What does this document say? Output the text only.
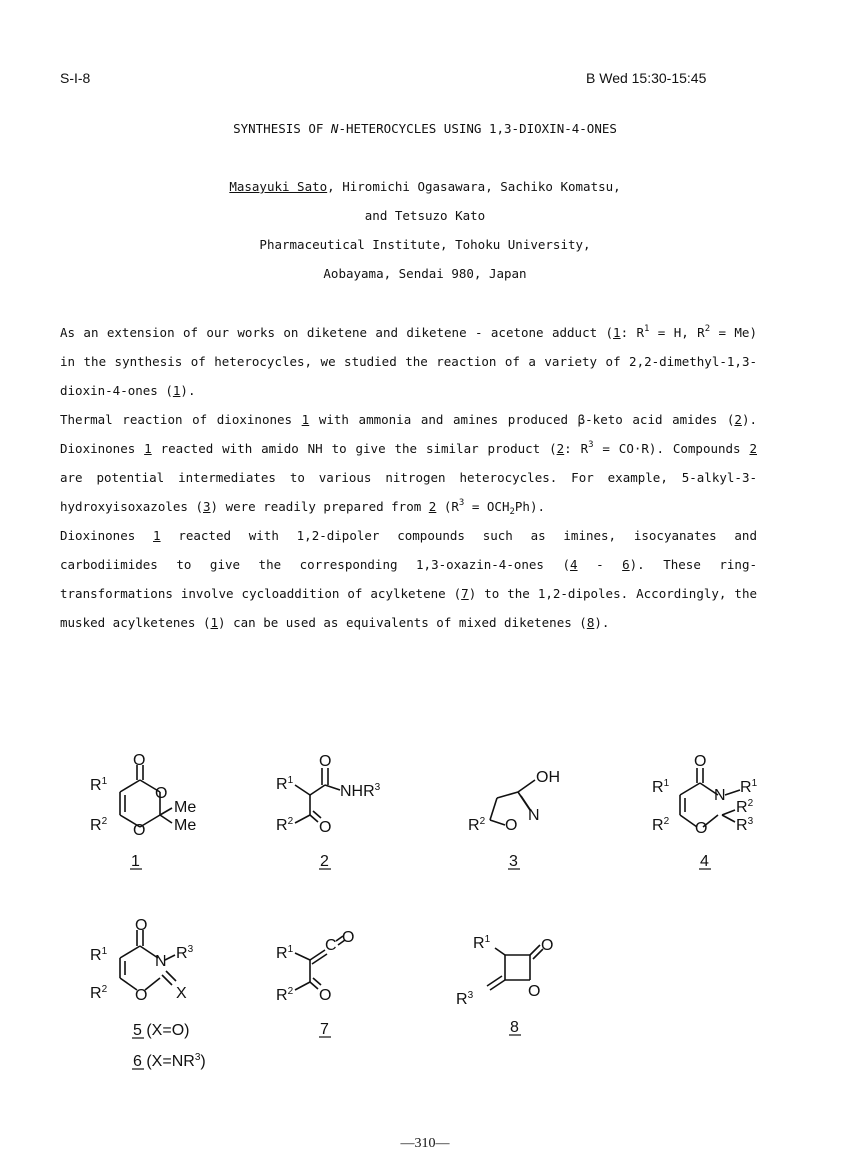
S-I-8	B Wed 15:30-15:45
SYNTHESIS OF N-HETEROCYCLES USING 1,3-DIOXIN-4-ONES
Masayuki Sato, Hiromichi Ogasawara, Sachiko Komatsu,
and Tetsuzo Kato
Pharmaceutical Institute, Tohoku University,
Aobayama, Sendai 980, Japan

As an extension of our works on diketene and diketene - acetone adduct (1: $R^1 = H$, $R^2 = Me$) in the synthesis of heterocycles, we studied the reaction of a variety of 2,2-dimethyl-1,3-dioxin-4-ones (1).

Thermal reaction of dioxinones 1 with ammonia and amines produced β-keto acid amides (2). Dioxinones 1 reacted with amido NH to give the similar product (2: $R^3 = CO\cdot R$). Compounds 2 are potential intermediates to various nitrogen heterocycles. For example, 5-alkyl-3-hydroxyisoxazoles (3) were readily prepared from 2 $(R^3 = OCH_2Ph)$.

Dioxinones 1 reacted with 1,2-dipoler compounds such as imines, isocyanates and carbodiimides to give the corresponding 1,3-oxazin-4-ones (4 - 6). These ring-transformations involve cycloaddition of acylketene (7) to the 1,2-dipoles. Accordingly, the musked acylketenes (1) can be used as equivalents of mixed diketenes (8).

$R^1$
$R^2$
O
O
O
Me
Me
1
$R^1$
$R^2$
O
O
NHR$^3$
2
OH
$R^2$ O
N
3
$R^1$
$R^2$
O
O
N $R^1$
$R^2$
$R^3$
4
$R^1$
$R^2$
O
O
N $R^3$
X
5 (X=O)
6 $(X=NR^3)$
$R^1$
$R^2$
C O
O
7
$R^1$
$R^3$
O
O
8
—310—
